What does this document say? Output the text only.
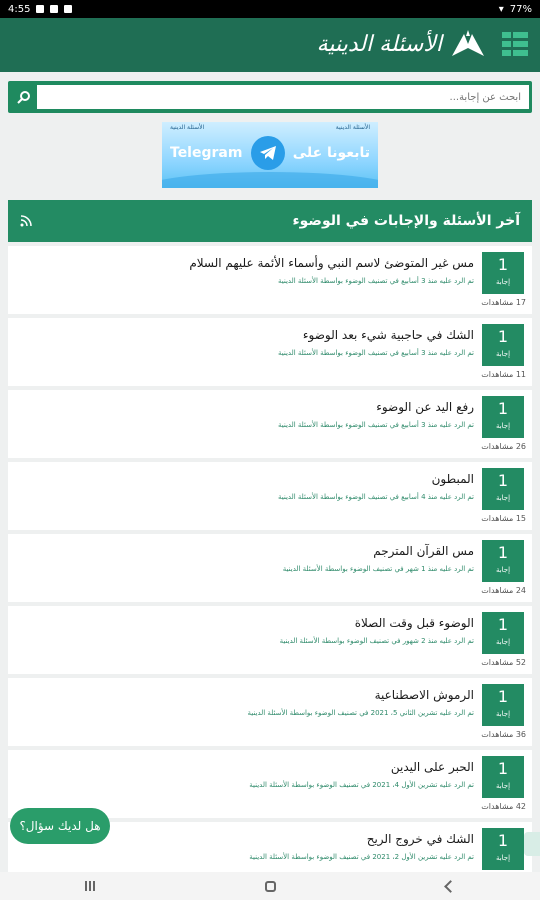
4:55	▾ 77%
الأسئلة الدينية
ابحث عن إجابة...
الأسئلة الدينية	الأسئلة الدينية
Telegram	تابعونا على
آخر الأسئلة والإجابات في الوضوء
1
إجابة
17 مشاهدات
مس غير المتوضئ لاسم النبي وأسماء الأئمة عليهم السلام
تم الرد عليه منذ 3 أسابيع في تصنيف الوضوء بواسطة الأسئلة الدينية
1
إجابة
11 مشاهدات
الشك في حاجبية شيء بعد الوضوء
تم الرد عليه منذ 3 أسابيع في تصنيف الوضوء بواسطة الأسئلة الدينية
1
إجابة
26 مشاهدات
رفع اليد عن الوضوء
تم الرد عليه منذ 3 أسابيع في تصنيف الوضوء بواسطة الأسئلة الدينية
1
إجابة
15 مشاهدات
المبطون
تم الرد عليه منذ 4 أسابيع في تصنيف الوضوء بواسطة الأسئلة الدينية
1
إجابة
24 مشاهدات
مس القرآن المترجم
تم الرد عليه منذ 1 شهر في تصنيف الوضوء بواسطة الأسئلة الدينية
1
إجابة
52 مشاهدات
الوضوء قبل وقت الصلاة
تم الرد عليه منذ 2 شهور في تصنيف الوضوء بواسطة الأسئلة الدينية
1
إجابة
36 مشاهدات
الرموش الاصطناعية
تم الرد عليه تشرين الثاني 5، 2021 في تصنيف الوضوء بواسطة الأسئلة الدينية
1
إجابة
42 مشاهدات
الحبر على اليدين
تم الرد عليه تشرين الأول 4، 2021 في تصنيف الوضوء بواسطة الأسئلة الدينية
1
إجابة
الشك في خروج الريح
تم الرد عليه تشرين الأول 2، 2021 في تصنيف الوضوء بواسطة الأسئلة الدينية
هل لديك سؤال؟
